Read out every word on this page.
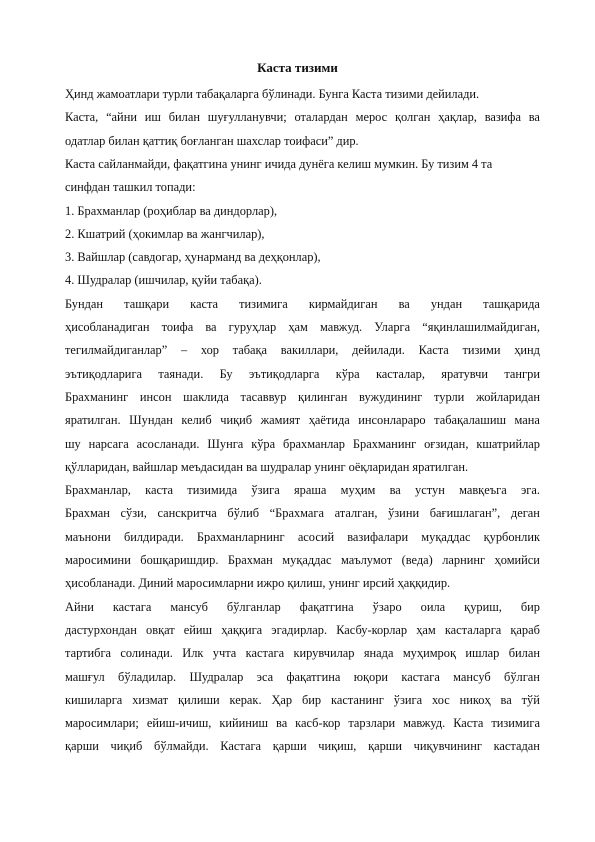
Каста тизими
Ҳинд жамоатлари турли табақаларга бўлинади. Бунга Каста тизими дейилади.
Каста, “айни иш билан шуғулланувчи; оталардан мерос қолган ҳақлар, вазифа ва
одатлар билан қаттиқ боғланган шахслар тоифаси” дир.
Каста сайланмайди, фақатгина унинг ичида дунёга келиш мумкин. Бу тизим 4 та
синфдан ташкил топади:
1. Брахманлар (роҳиблар ва диндорлар),
2. Кшатрий (ҳокимлар ва жангчилар),
3. Вайшлар (савдогар, ҳунарманд ва деҳқонлар),
4. Шудралар (ишчилар, қуйи табақа).
Бундан ташқари каста тизимига кирмайдиган ва ундан ташқарида
ҳисобланадиган тоифа ва гуруҳлар ҳам мавжуд. Уларга “яқинлашилмайдиган,
тегилмайдиганлар” – хор табақа вакиллари, дейилади. Каста тизими ҳинд
эътиқодларига таянади. Бу эътиқодларга кўра касталар, яратувчи тангри
Брахманинг инсон шаклида тасаввур қилинган вужудининг турли жойларидан
яратилган. Шундан келиб чиқиб жамият ҳаётида инсонлараро табақалашиш мана
шу нарсага асосланади. Шунга кўра брахманлар Брахманинг оғзидан, кшатрийлар
қўлларидан, вайшлар меъдасидан ва шудралар унинг оёқларидан яратилган.
Брахманлар, каста тизимида ўзига яраша муҳим ва устун мавқеъга эга.
Брахман сўзи, санскритча бўлиб “Брахмага аталган, ўзини бағишлаган”, деган
маънони билдиради. Брахманларнинг асосий вазифалари муқаддас қурбонлик
маросимини бошқаришдир. Брахман муқаддас маълумот (веда) ларнинг ҳомийси
ҳисобланади. Диний маросимларни ижро қилиш, унинг ирсий ҳаққидир.
Айни кастага мансуб бўлганлар фақатгина ўзаро оила қуриш, бир
дастурхондан овқат ейиш ҳаққига эгадирлар. Касбу-корлар ҳам касталарга қараб
тартибга солинади. Илк учта кастага кирувчилар янада муҳимроқ ишлар билан
машғул бўладилар. Шудралар эса фақатгина юқори кастага мансуб бўлган
кишиларга хизмат қилиши керак. Ҳар бир кастанинг ўзига хос никоҳ ва тўй
маросимлари; ейиш-ичиш, кийиниш ва касб-кор тарзлари мавжуд. Каста тизимига
қарши чиқиб бўлмайди. Кастага қарши чиқиш, қарши чиқувчининг кастадан
